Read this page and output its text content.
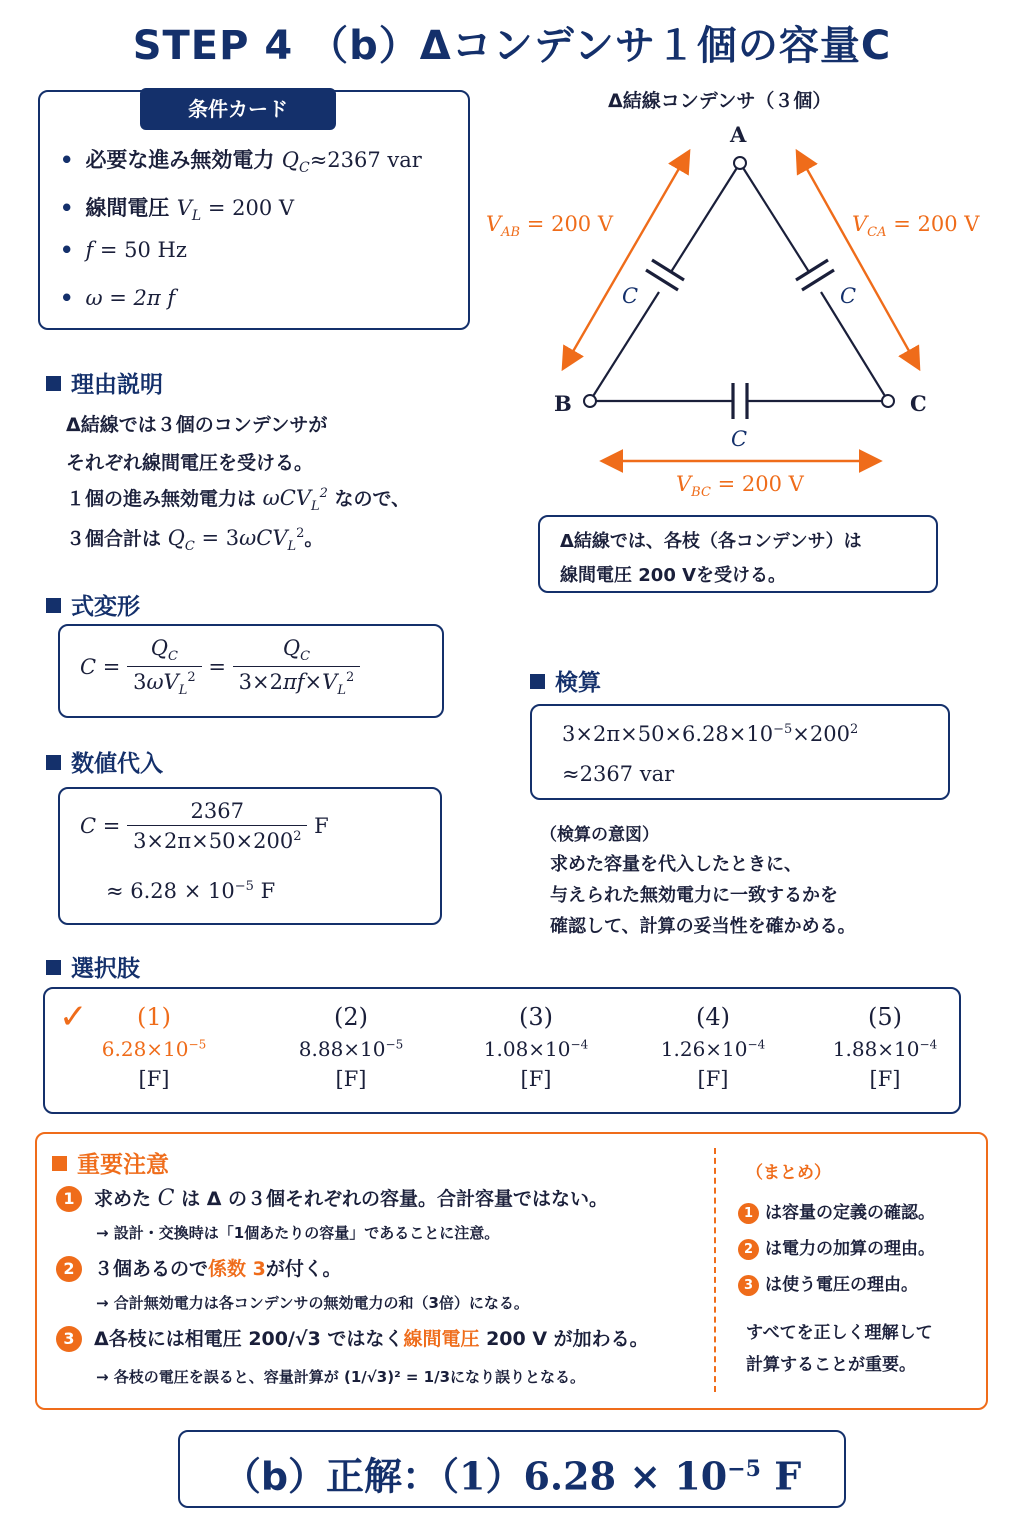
STEP 4 （b）Δコンデンサ１個の容量C
条件カード
• 必要な進み無効電力 $Q_C\approx 2367$ var
• 線間電圧 $V_L = 200$ V
• f = 50 Hz
• ω = 2π f
理由説明
Δ結線では３個のコンデンサが
それぞれ線間電圧を受ける。
１個の進み無効電力は ωCV$_L^2$ なので、
３個合計は $Q_C = 3\omega CV_L^2$。
式変形
$C = \frac{Q_C}{3\omega V_L^2} = \frac{Q_C}{3\times 2\pi f\times V_L^2}$
数値代入
$C = \frac{2367}{3\times 2\pi\times 50\times 200^2}$ F
≈ $6.28 \times 10^{-5}$ F
Δ結線コンデンサ（３個）
A
B	C
C	C
C
$V_{AB} = 200$ V	$V_{CA} = 200$ V
$V_{BC} = 200$ V
Δ結線では、各枝（各コンデンサ）は
線間電圧 200 Vを受ける。
検算
$3\times 2\pi\times 50\times 6.28\times 10^{-5}\times 200^2$
≈2367 var
（検算の意図）
求めた容量を代入したときに、
与えられた無効電力に一致するかを
確認して、計算の妥当性を確かめる。
選択肢
✓	(1)
$6.28\times 10^{-5}$
[F]
(2)
$8.88\times 10^{-5}$
[F]
(3)
$1.08\times 10^{-4}$
[F]
(4)
$1.26\times 10^{-4}$
[F]
(5)
$1.88\times 10^{-4}$
[F]
重要注意
1 求めた C は Δ の３個それぞれの容量。合計容量ではない。
→ 設計・交換時は「1個あたりの容量」であることに注意。
2 ３個あるので係数 3が付く。
→ 合計無効電力は各コンデンサの無効電力の和（3倍）になる。
3 Δ各枝には相電圧 200/√3 ではなく線間電圧 200 V が加わる。
→ 各枝の電圧を誤ると、容量計算が (1/√3)² = 1/3になり誤りとなる。
（まとめ）
1 は容量の定義の確認。
2 は電力の加算の理由。
3 は使う電圧の理由。
すべてを正しく理解して
計算することが重要。
（b）正解：$(1)6.28 \times 10^{-5}$ F
